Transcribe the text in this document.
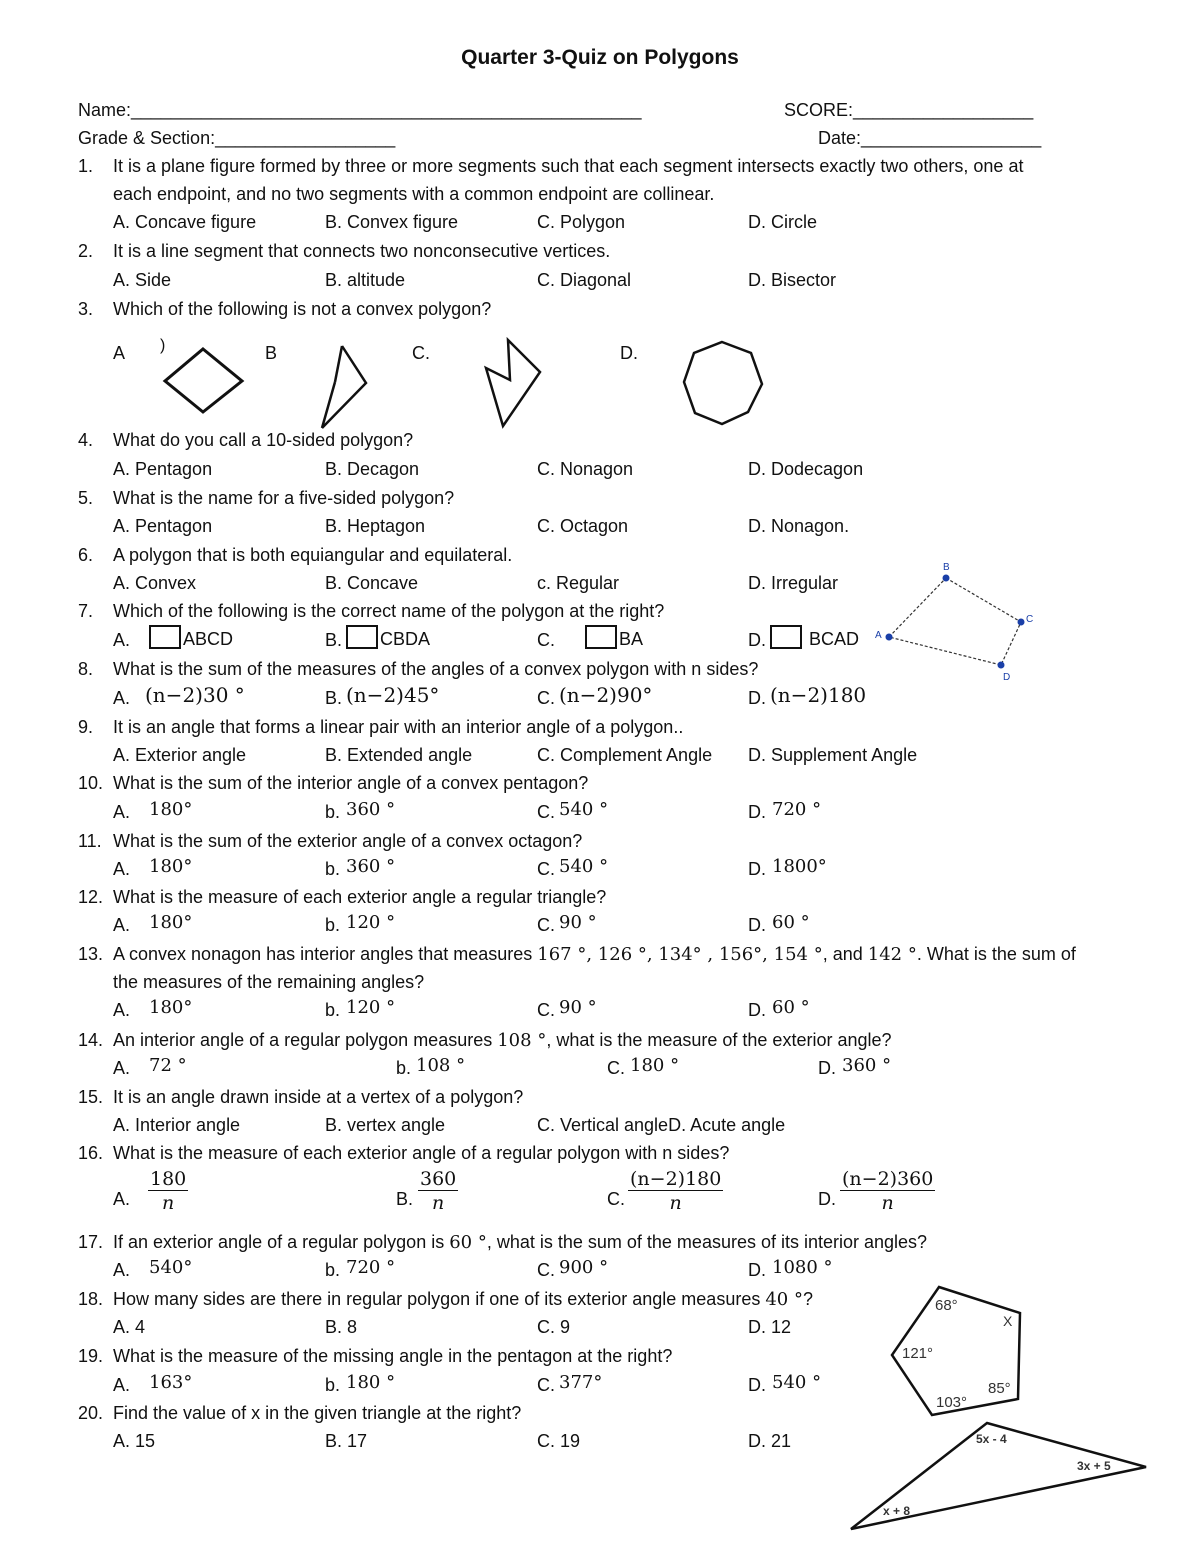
Quarter 3-Quiz on Polygons
Name:___________________________________________________	SCORE:__________________
Grade & Section:__________________	Date:__________________
1. It is a plane figure formed by three or more segments such that each segment intersects exactly two others, one at
each endpoint, and no two segments with a common endpoint are collinear.
A. Concave figure	B. Convex figure	C. Polygon	D. Circle
2. It is a line segment that connects two nonconsecutive vertices.
A. Side	B. altitude	C. Diagonal	D. Bisector
3. Which of the following is not a convex polygon?
A )	B	C.	D.
4. What do you call a 10-sided polygon?
A. Pentagon	B. Decagon	C. Nonagon	D. Dodecagon
5. What is the name for a five-sided polygon?
A. Pentagon	B. Heptagon	C. Octagon	D. Nonagon.
6. A polygon that is both equiangular and equilateral.
A. Convex	B. Concave	c. Regular	D. Irregular
B
C
A
D
7. Which of the following is the correct name of the polygon at the right?
A.	ABCD	B.	CBDA	C.	BA	D.	BCAD
8. What is the sum of the measures of the angles of a convex polygon with n sides?
A. (n−2)30 °	B. (n−2)45°	C. (n−2)90°	D. (n−2)180
9. It is an angle that forms a linear pair with an interior angle of a polygon..
A. Exterior angle	B. Extended angle	C. Complement Angle D. Supplement Angle
10. What is the sum of the interior angle of a convex pentagon?
A. 180°	b. 360 °	C. 540 °	D. 720 °
11. What is the sum of the exterior angle of a convex octagon?
A. 180°	b. 360 °	C. 540 °	D. 1800°
12. What is the measure of each exterior angle a regular triangle?
A. 180°	b. 120 °	C. 90 °	D. 60 °
13. A convex nonagon has interior angles that measures 167 °, 126 °, 134° , 156°, 154 °, and 142 °. What is the sum of
the measures of the remaining angles?
A. 180°	b. 120 °	C. 90 °	D. 60 °
14. An interior angle of a regular polygon measures 108 °, what is the measure of the exterior angle?
A. 72 °	b. 108 °	C. 180 °	D. 360 °
15. It is an angle drawn inside at a vertex of a polygon?
A. Interior angle	B. vertex angle	C. Vertical angleD. Acute angle
16. What is the measure of each exterior angle of a regular polygon with n sides?
A. $\frac{180}{n}$	B. $\frac{360}{n}$	C. $\frac{(n-2)180}{n}$	D. $\frac{(n-2)360}{n}$
17. If an exterior angle of a regular polygon is 60 °, what is the sum of the measures of its interior angles?
A. 540°	b. 720 °	C. 900 °	D. 1080 °
68°
X
121°
85°
103°
18. How many sides are there in regular polygon if one of its exterior angle measures 40 °?
A. 4	B. 8	C. 9	D. 12
19. What is the measure of the missing angle in the pentagon at the right?
A. 163°	b. 180 °	C. 377°	D. 540 °
20. Find the value of x in the given triangle at the right?
A. 15	B. 17	C. 19	D. 21	5x - 4
3x + 5
x + 8
